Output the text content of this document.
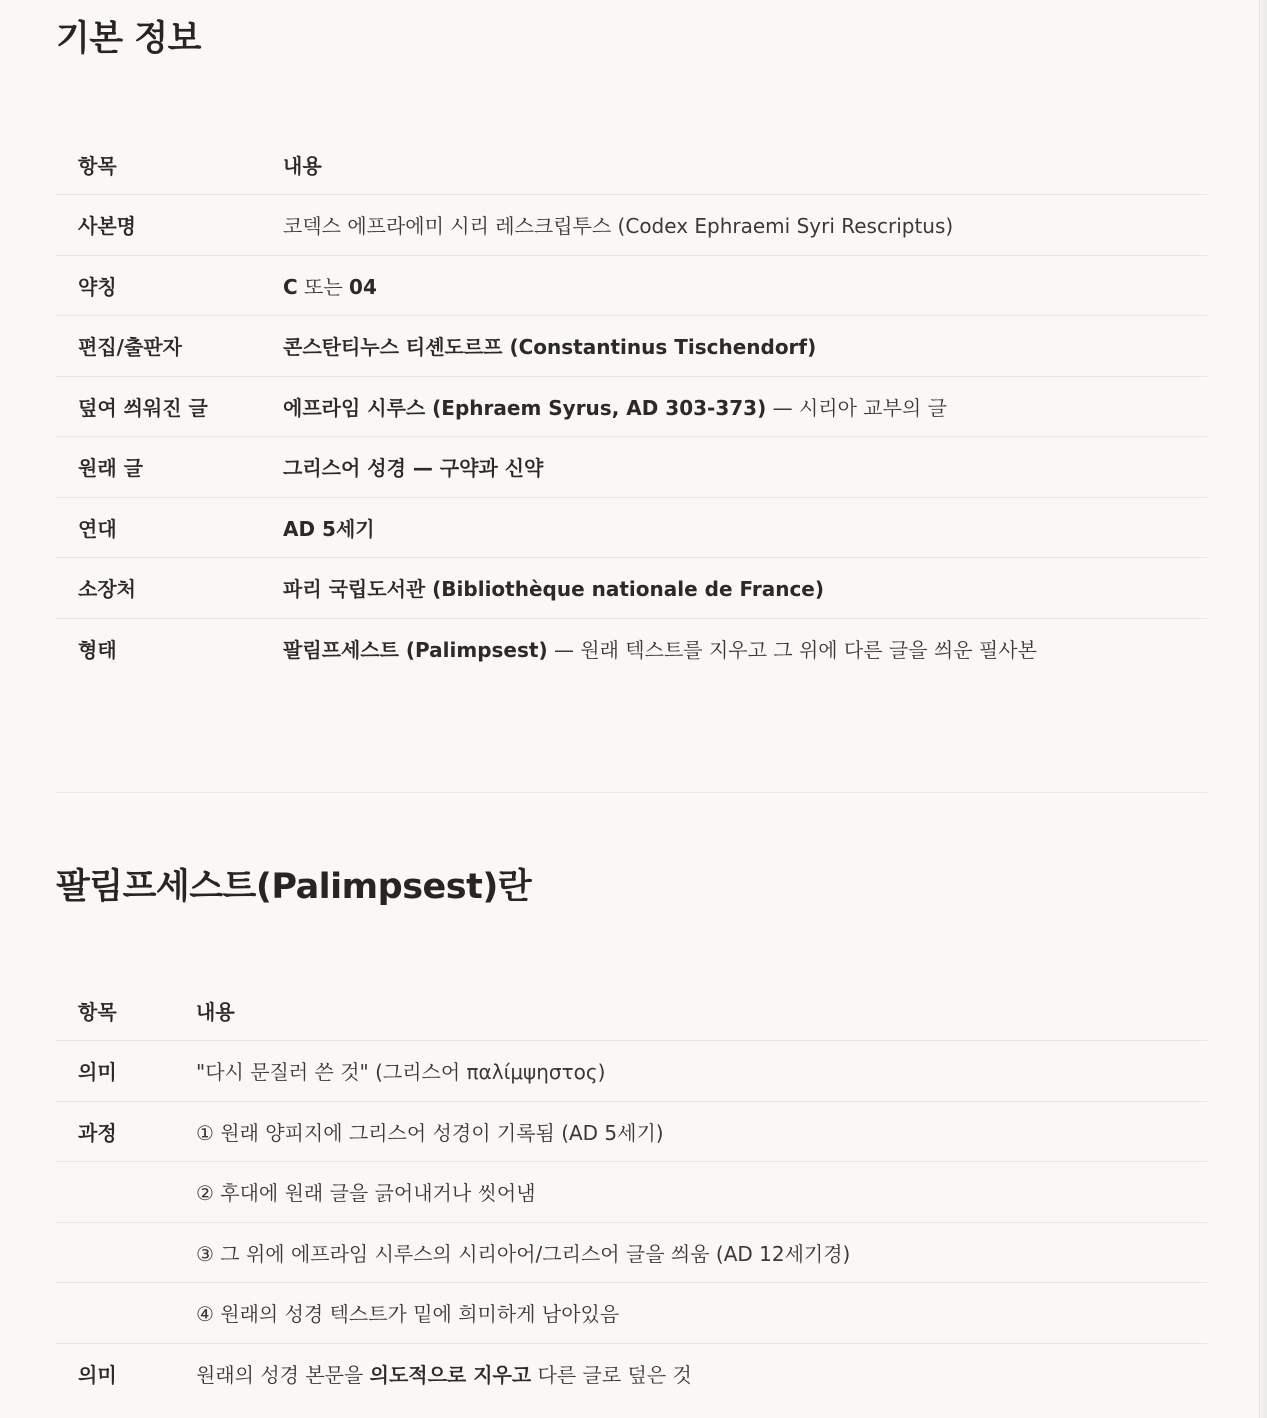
기본 정보
항목	내용
사본명	코덱스 에프라에미 시리 레스크립투스 (Codex Ephraemi Syri Rescriptus)
약칭	C 또는 04
편집/출판자	콘스탄티누스 티셴도르프 (Constantinus Tischendorf)
덮여 씌워진 글	에프라임 시루스 (Ephraem Syrus, AD 303-373) — 시리아 교부의 글
원래 글	그리스어 성경 — 구약과 신약
연대	AD 5세기
소장처	파리 국립도서관 (Bibliothèque nationale de France)
형태	팔림프세스트 (Palimpsest) — 원래 텍스트를 지우고 그 위에 다른 글을 씌운 필사본
팔림프세스트(Palimpsest)란
항목	내용
의미	"다시 문질러 쓴 것" (그리스어 παλίμψηστος)
과정	① 원래 양피지에 그리스어 성경이 기록됨 (AD 5세기)
	② 후대에 원래 글을 긁어내거나 씻어냄
	③ 그 위에 에프라임 시루스의 시리아어/그리스어 글을 씌움 (AD 12세기경)
	④ 원래의 성경 텍스트가 밑에 희미하게 남아있음
의미	원래의 성경 본문을 의도적으로 지우고 다른 글로 덮은 것
